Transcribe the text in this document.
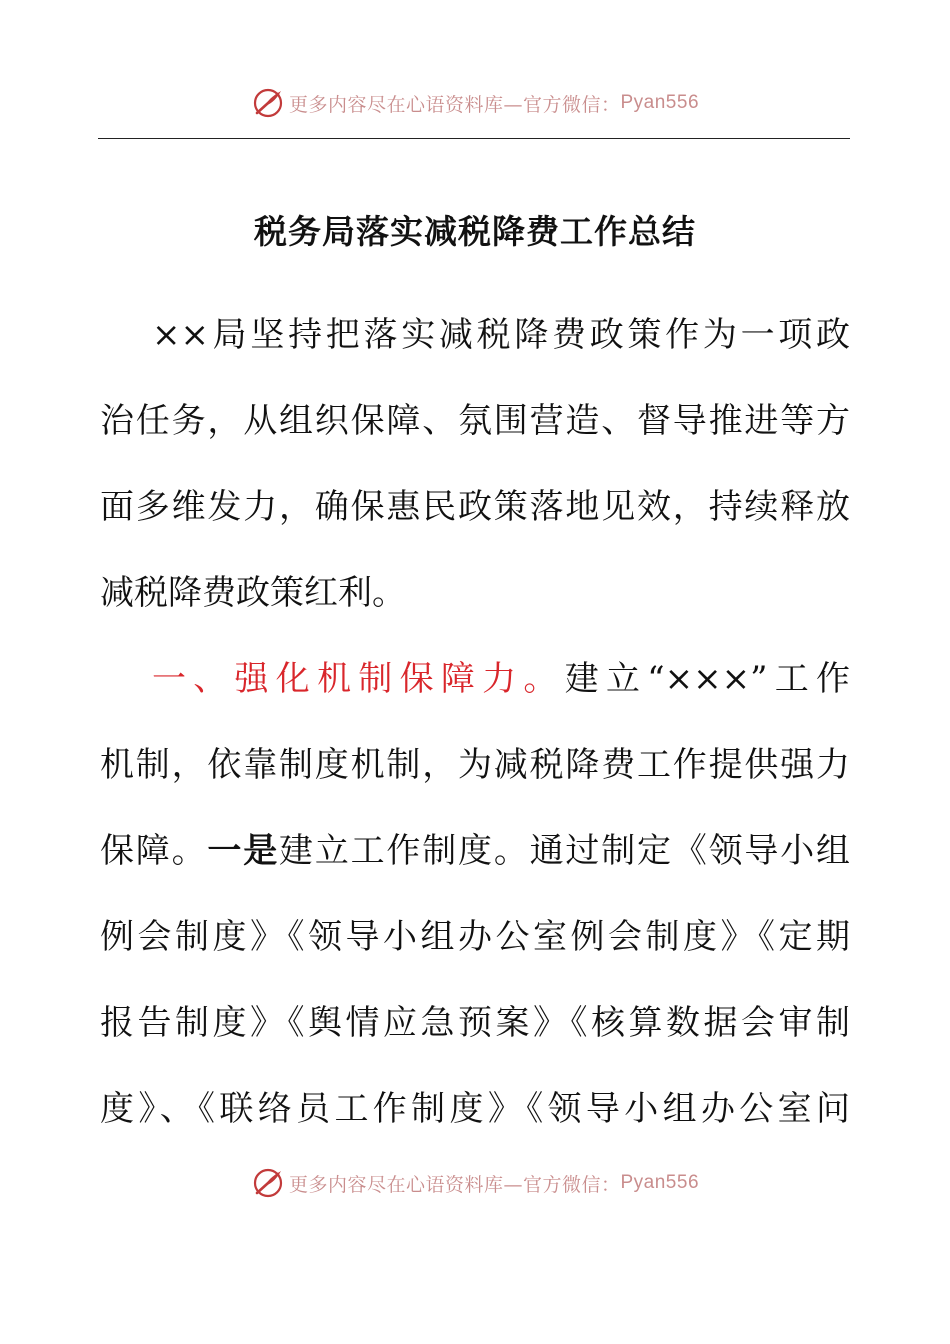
更多内容尽在心语资料库—官方微信： Pyan556
税务局落实减税降费工作总结
××局坚持把落实减税降费政策作为一项政
治任务，从组织保障、氛围营造、督导推进等方
面多维发力，确保惠民政策落地见效，持续释放
减税降费政策红利。
一、强化机制保障力。建立“×××”工作
机制，依靠制度机制，为减税降费工作提供强力
保障。一是建立工作制度。通过制定《领导小组
例会制度》《领导小组办公室例会制度》《定期
报告制度》《舆情应急预案》《核算数据会审制
度》、《联络员工作制度》《领导小组办公室问
更多内容尽在心语资料库—官方微信： Pyan556
